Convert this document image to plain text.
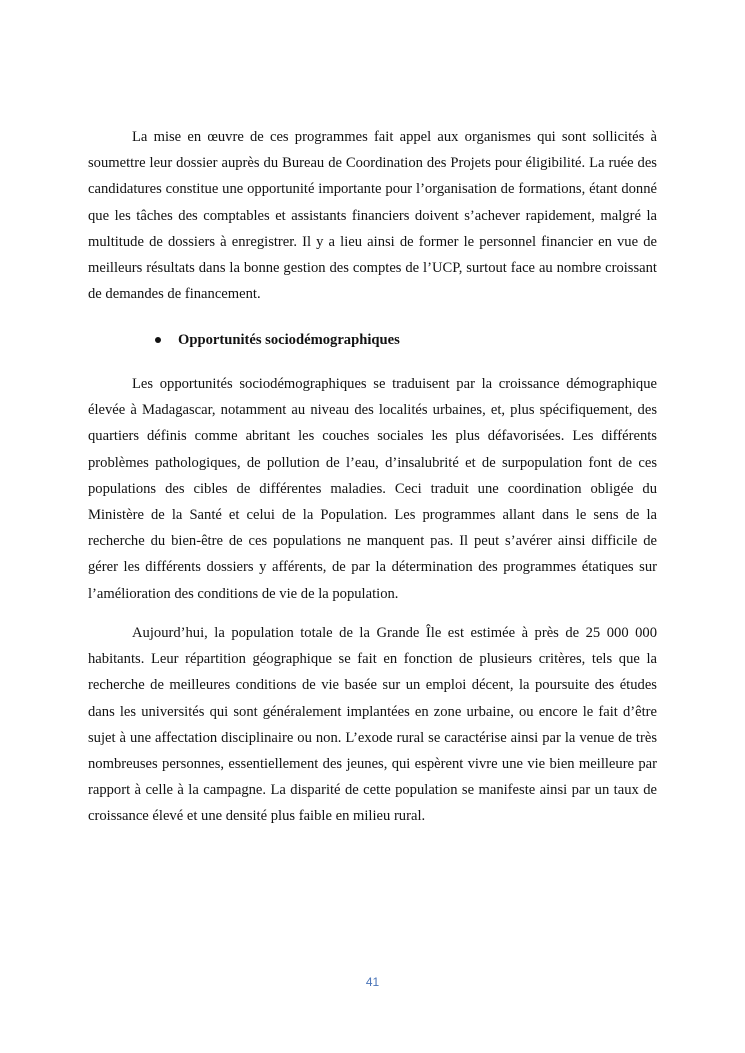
La mise en œuvre de ces programmes fait appel aux organismes qui sont sollicités à soumettre leur dossier auprès du Bureau de Coordination des Projets pour éligibilité. La ruée des candidatures constitue une opportunité importante pour l’organisation de formations, étant donné que les tâches des comptables et assistants financiers doivent s’achever rapidement, malgré la multitude de dossiers à enregistrer. Il y a lieu ainsi de former le personnel financier en vue de meilleurs résultats dans la bonne gestion des comptes de l’UCP, surtout face au nombre croissant de demandes de financement.

Opportunités sociodémographiques

Les opportunités sociodémographiques se traduisent par la croissance démographique élevée à Madagascar, notamment au niveau des localités urbaines, et, plus spécifiquement, des quartiers définis comme abritant les couches sociales les plus défavorisées. Les différents problèmes pathologiques, de pollution de l’eau, d’insalubrité et de surpopulation font de ces populations des cibles de différentes maladies. Ceci traduit une coordination obligée du Ministère de la Santé et celui de la Population. Les programmes allant dans le sens de la recherche du bien-être de ces populations ne manquent pas. Il peut s’avérer ainsi difficile de gérer les différents dossiers y afférents, de par la détermination des programmes étatiques sur l’amélioration des conditions de vie de la population.

Aujourd’hui, la population totale de la Grande Île est estimée à près de 25 000 000 habitants. Leur répartition géographique se fait en fonction de plusieurs critères, tels que la recherche de meilleures conditions de vie basée sur un emploi décent, la poursuite des études dans les universités qui sont généralement implantées en zone urbaine, ou encore le fait d’être sujet à une affectation disciplinaire ou non. L’exode rural se caractérise ainsi par la venue de très nombreuses personnes, essentiellement des jeunes, qui espèrent vivre une vie bien meilleure par rapport à celle à la campagne. La disparité de cette population se manifeste ainsi par un taux de croissance élevé et une densité plus faible en milieu rural.

41
